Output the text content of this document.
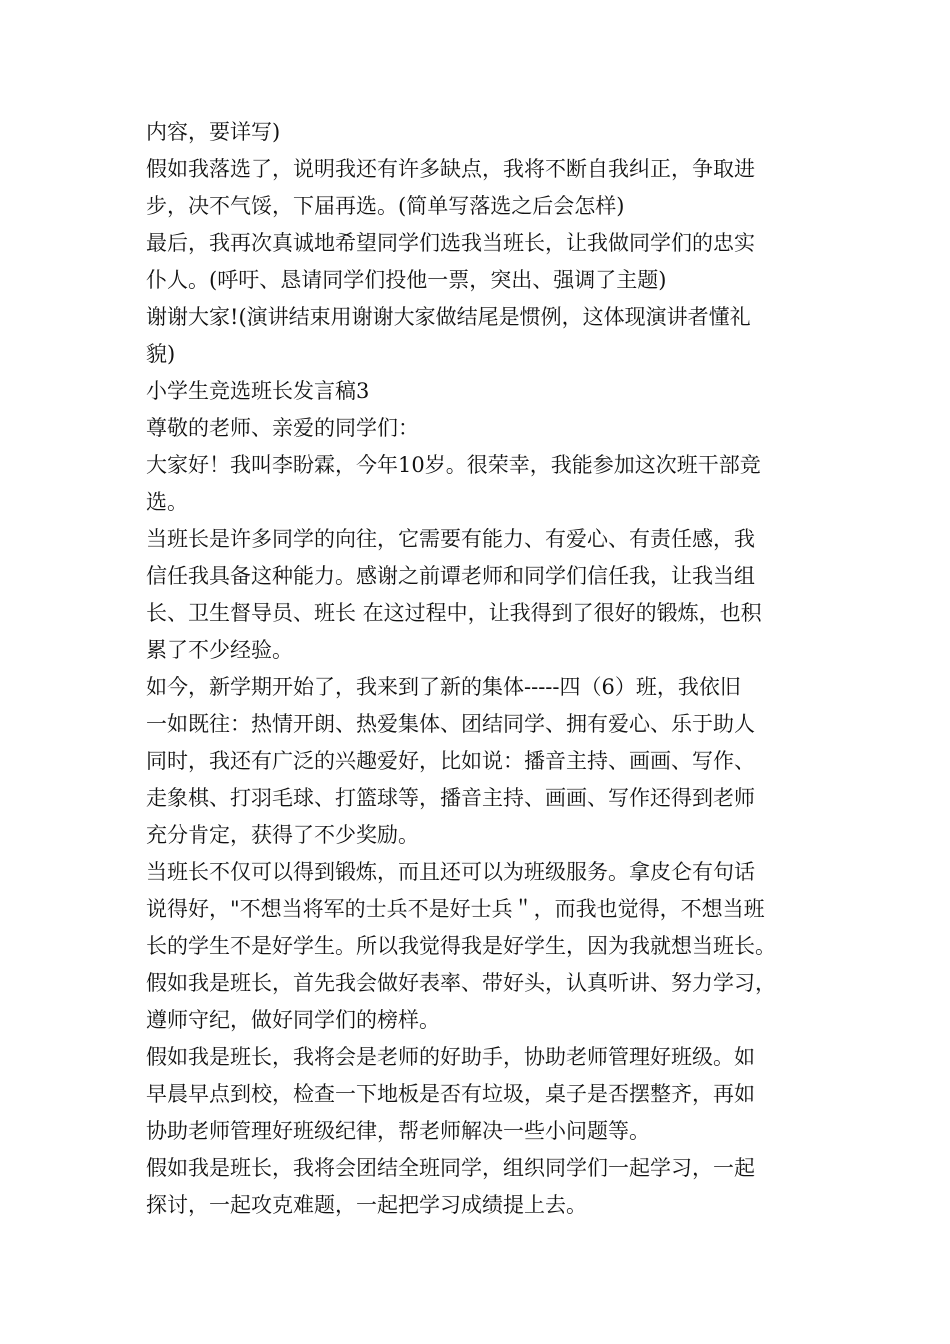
内容，要详写)
假如我落选了，说明我还有许多缺点，我将不断自我纠正，争取进
步，决不气馁，下届再选。(简单写落选之后会怎样)
最后，我再次真诚地希望同学们选我当班长，让我做同学们的忠实
仆人。(呼吁、恳请同学们投他一票，突出、强调了主题)
谢谢大家!(演讲结束用谢谢大家做结尾是惯例，这体现演讲者懂礼
貌)
小学生竞选班长发言稿3
尊敬的老师、亲爱的同学们：
大家好！我叫李盼霖，今年10岁。很荣幸，我能参加这次班干部竞
选。
当班长是许多同学的向往，它需要有能力、有爱心、有责任感，我
信任我具备这种能力。感谢之前谭老师和同学们信任我，让我当组
长、卫生督导员、班长 在这过程中，让我得到了很好的锻炼，也积
累了不少经验。
如今，新学期开始了，我来到了新的集体-----四（6）班，我依旧
一如既往：热情开朗、热爱集体、团结同学、拥有爱心、乐于助人
同时，我还有广泛的兴趣爱好，比如说：播音主持、画画、写作、
走象棋、打羽毛球、打篮球等，播音主持、画画、写作还得到老师
充分肯定，获得了不少奖励。
当班长不仅可以得到锻炼，而且还可以为班级服务。拿皮仑有句话
说得好，"不想当将军的士兵不是好士兵＂，而我也觉得，不想当班
长的学生不是好学生。所以我觉得我是好学生，因为我就想当班长。
假如我是班长，首先我会做好表率、带好头，认真听讲、努力学习，
遵师守纪，做好同学们的榜样。
假如我是班长，我将会是老师的好助手，协助老师管理好班级。如
早晨早点到校，检查一下地板是否有垃圾，桌子是否摆整齐，再如
协助老师管理好班级纪律，帮老师解决一些小问题等。
假如我是班长，我将会团结全班同学，组织同学们一起学习，一起
探讨，一起攻克难题，一起把学习成绩提上去。
